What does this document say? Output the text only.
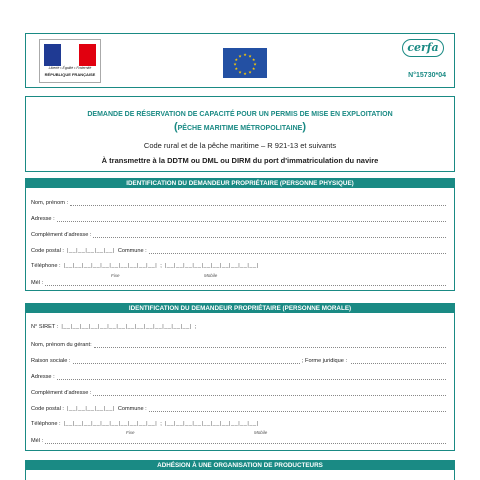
Liberté • Égalité • Fraternité
RÉPUBLIQUE FRANÇAISE
★ ★
★
★
★
★
★
★
★
★
★
★
cerfa
N°15730*04
DEMANDE DE RÉSERVATION DE CAPACITÉ POUR UN PERMIS DE MISE EN EXPLOITATION
(PÊCHE MARITIME MÉTROPOLITAINE)
Code rural et de la pêche maritime – R 921-13 et suivants
À transmettre à la DDTM ou DML ou DIRM du port d'immatriculation du navire
IDENTIFICATION DU DEMANDEUR PROPRIÉTAIRE (PERSONNE PHYSIQUE)
Nom, prénom :
Adresse :
Complément d'adresse :
Code postal : |__|__|__|__|__| Commune :
Téléphone : |__|__|__|__|__|__|__|__|__|__| ; |__|__|__|__|__|__|__|__|__|__|
Fixe	Mobile
Mél :
IDENTIFICATION DU DEMANDEUR PROPRIÉTAIRE (PERSONNE MORALE)
N° SIRET : |__|__|__|__|__|__|__|__|__|__|__|__|__|__| ;
Nom, prénom du gérant:
Raison sociale :	; Forme juridique :
Adresse :
Complément d'adresse :
Code postal : |__|__|__|__|__| Commune :
Téléphone : |__|__|__|__|__|__|__|__|__|__| ; |__|__|__|__|__|__|__|__|__|__|
Fixe	Mobile
Mél :
ADHÉSION À UNE ORGANISATION DE PRODUCTEURS
